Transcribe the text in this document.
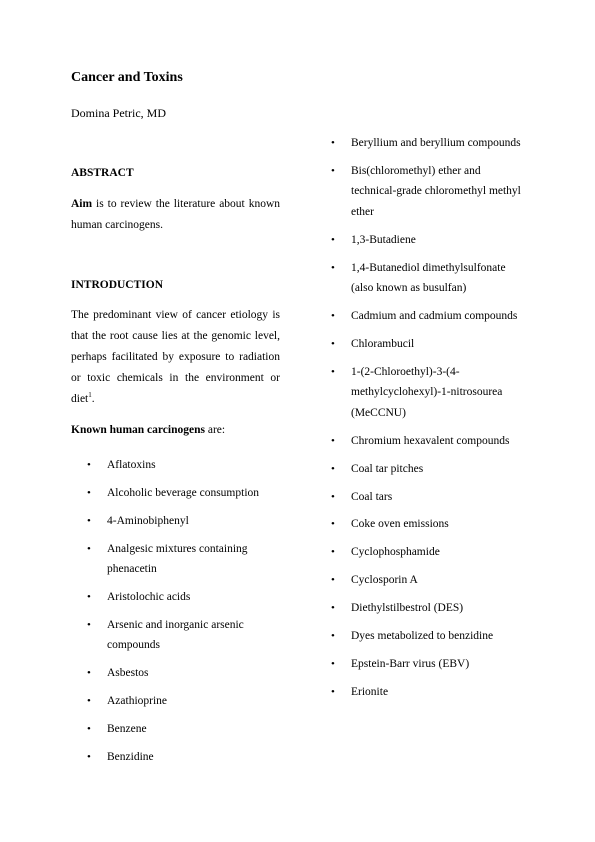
Cancer and Toxins
Domina Petric, MD
ABSTRACT

Aim is to review the literature about known human carcinogens.

INTRODUCTION

The predominant view of cancer etiology is that the root cause lies at the genomic level, perhaps facilitated by exposure to radiation or toxic chemicals in the environment or diet$^1$.

Known human carcinogens are:

• Aflatoxins
• Alcoholic beverage consumption
• 4-Aminobiphenyl
• Analgesic mixtures containing phenacetin
• Aristolochic acids
• Arsenic and inorganic arsenic compounds
• Asbestos
• Azathioprine
• Benzene
• Benzidine
• Beryllium and beryllium compounds
• Bis(chloromethyl) ether and technical-grade chloromethyl methyl ether
• 1,3-Butadiene
• 1,4-Butanediol dimethylsulfonate (also known as busulfan)
• Cadmium and cadmium compounds
• Chlorambucil
• 1-(2-Chloroethyl)-3-(4-methylcyclohexyl)-1-nitrosourea (MeCCNU)
• Chromium hexavalent compounds
• Coal tar pitches
• Coal tars
• Coke oven emissions
• Cyclophosphamide
• Cyclosporin A
• Diethylstilbestrol (DES)
• Dyes metabolized to benzidine
• Epstein-Barr virus (EBV)
• Erionite
